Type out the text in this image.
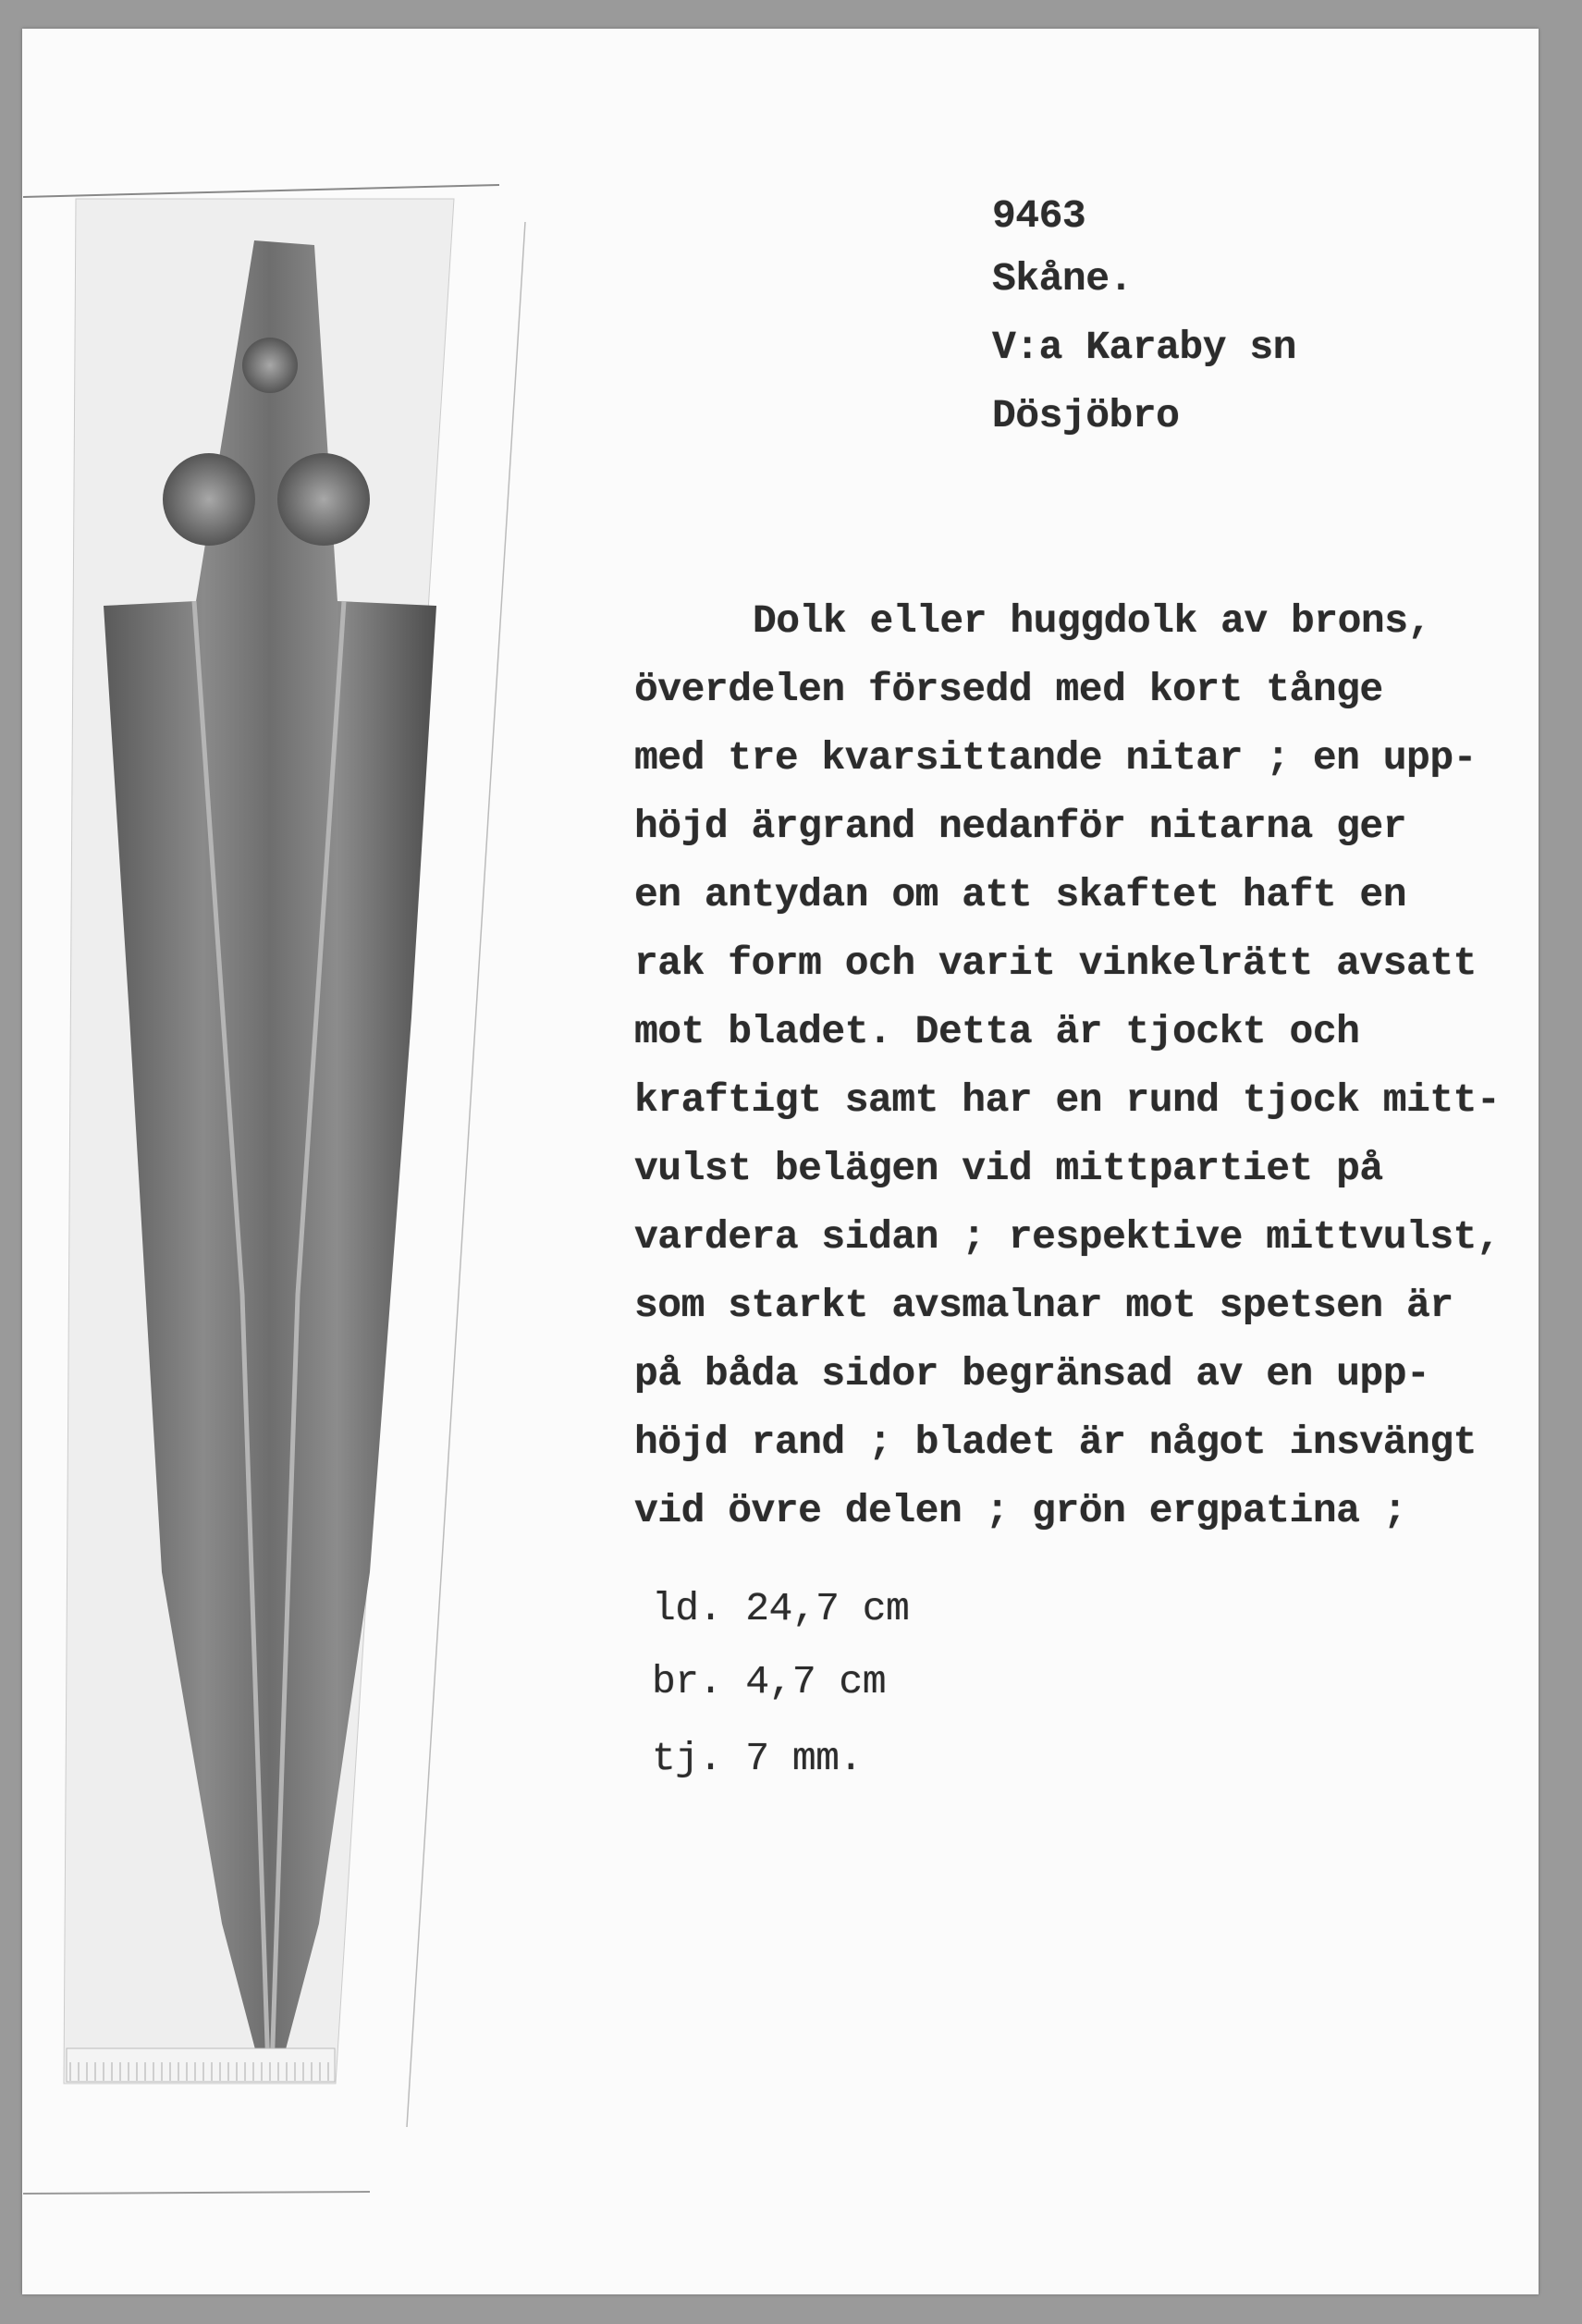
9463
Skåne.
V:a Karaby sn
Dösjöbro
Dolk eller huggdolk av brons,
överdelen försedd med kort tånge
med tre kvarsittande nitar ; en upp-
höjd ärgrand nedanför nitarna ger
en antydan om att skaftet haft en
rak form och varit vinkelrätt avsatt
mot bladet. Detta är tjockt och
kraftigt samt har en rund tjock mitt-
vulst belägen vid mittpartiet på
vardera sidan ; respektive mittvulst,
som starkt avsmalnar mot spetsen är
på båda sidor begränsad av en upp-
höjd rand ; bladet är något insvängt
vid övre delen ; grön ergpatina ;
ld. 24,7 cm
br. 4,7 cm
tj. 7 mm.
